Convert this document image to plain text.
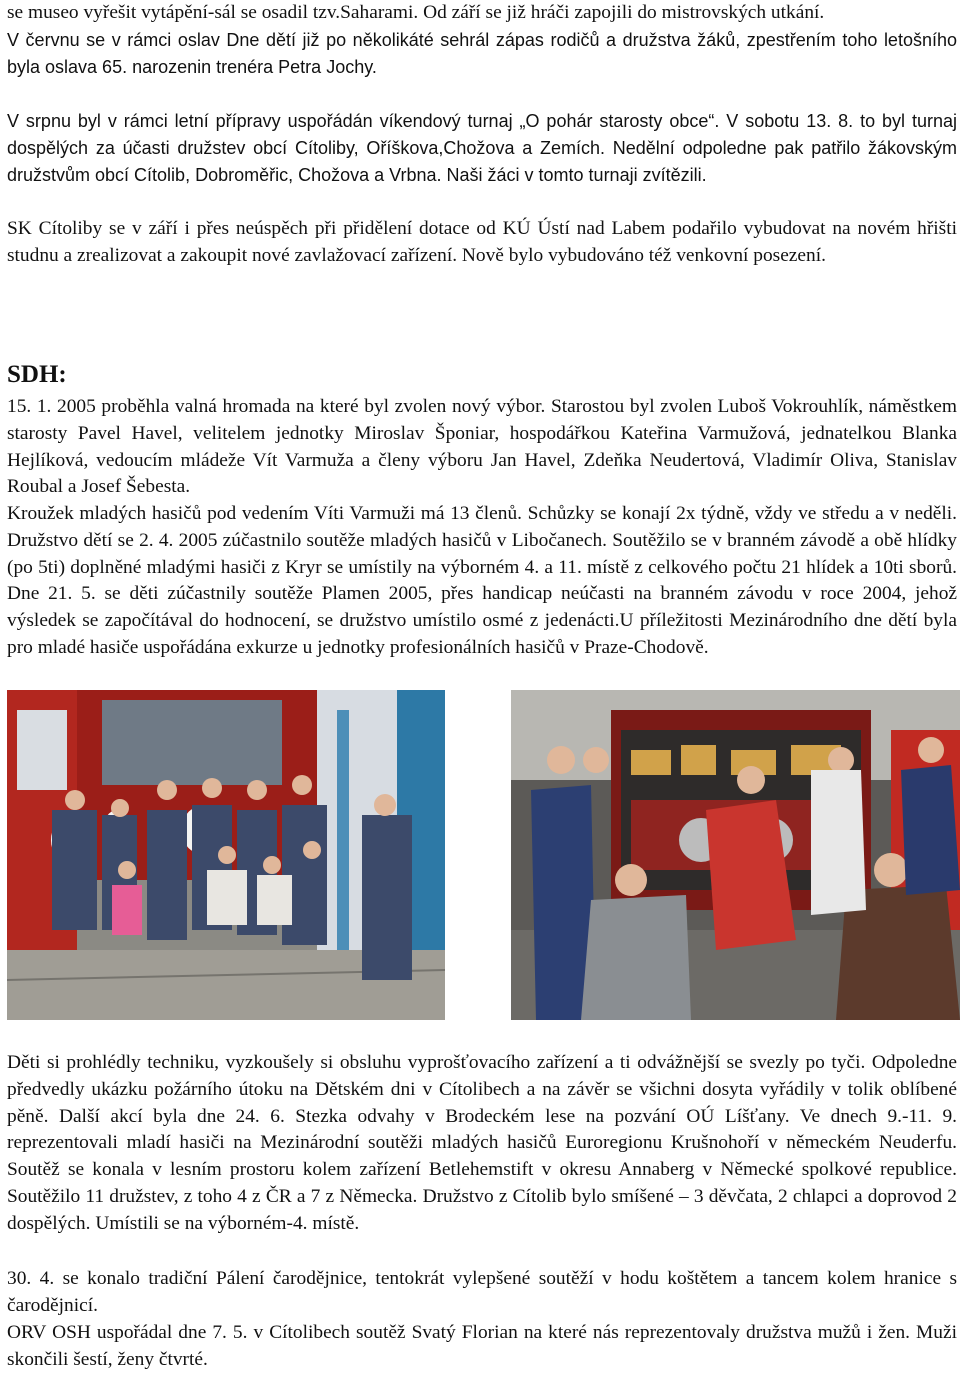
se museo vyřešit vytápění-sál se osadil tzv.Saharami. Od září se již hráči zapojili do mistrovských utkání.

V červnu se v rámci oslav Dne dětí již po několikáté sehrál zápas rodičů a družstva žáků, zpestřením toho letošního byla oslava 65. narozenin trenéra Petra Jochy.

V srpnu byl v rámci letní přípravy uspořádán víkendový turnaj „O pohár starosty obce“. V sobotu 13. 8. to byl turnaj dospělých za účasti družstev obcí Cítoliby, Oříškova,Chožova a Zemích. Nedělní odpoledne pak patřilo žákovským družstvům obcí Cítolib, Dobroměřic, Chožova a Vrbna. Naši žáci v tomto turnaji zvítězili.

SK Cítoliby se v září i přes neúspěch při přidělení dotace od KÚ Ústí nad Labem podařilo vybudovat na novém hřišti studnu a zrealizovat a zakoupit nové zavlažovací zařízení. Nově bylo vybudováno též venkovní posezení.

SDH:

15. 1. 2005 proběhla valná hromada na které byl zvolen nový výbor. Starostou byl zvolen Luboš Vokrouhlík, náměstkem starosty Pavel Havel, velitelem jednotky Miroslav Šponiar, hospodářkou Kateřina Varmužová, jednatelkou Blanka Hejlíková, vedoucím mládeže Vít Varmuža a členy výboru Jan Havel, Zdeňka Neudertová, Vladimír Oliva, Stanislav Roubal a Josef Šebesta.

Kroužek mladých hasičů pod vedením Víti Varmuži má 13 členů. Schůzky se konají 2x týdně, vždy ve středu a v neděli. Družstvo dětí se 2. 4. 2005 zúčastnilo soutěže mladých hasičů v Libočanech. Soutěžilo se v branném závodě a obě hlídky (po 5ti) doplněné mladými hasiči z Kryr se umístily na výborném 4. a 11. místě z celkového počtu 21 hlídek a 10ti sborů. Dne 21. 5. se děti zúčastnily soutěže Plamen 2005, přes handicap neúčasti na branném závodu v roce 2004, jehož výsledek se započítával do hodnocení, se družstvo umístilo osmé z jedenácti.U příležitosti Mezinárodního dne dětí byla pro mladé hasiče uspořádána exkurze u jednotky profesionálních hasičů v Praze-Chodově.

Děti si prohlédly techniku, vyzkoušely si obsluhu vyprošťovacího zařízení a ti odvážnější se svezly po tyči. Odpoledne předvedly ukázku požárního útoku na Dětském dni v Cítolibech a na závěr se všichni dosyta vyřádily v tolik oblíbené pěně. Další akcí byla dne 24. 6. Stezka odvahy v Brodeckém lese na pozvání OÚ Líšťany. Ve dnech 9.-11. 9. reprezentovali mladí hasiči na Mezinárodní soutěži mladých hasičů Euroregionu Krušnohoří v německém Neuderfu. Soutěž se konala v lesním prostoru kolem zařízení Betlehemstift v okresu Annaberg v Německé spolkové republice. Soutěžilo 11 družstev, z toho 4 z ČR a 7 z Německa. Družstvo z Cítolib bylo smíšené – 3 děvčata, 2 chlapci a doprovod 2 dospělých. Umístili se na výborném-4. místě.

30. 4. se konalo tradiční Pálení čarodějnice, tentokrát vylepšené soutěží v hodu koštětem a tancem kolem hranice s čarodějnicí.

ORV OSH uspořádal dne 7. 5. v Cítolibech soutěž Svatý Florian na které nás reprezentovaly družstva mužů i žen. Muži skončili šestí, ženy čtvrté.
